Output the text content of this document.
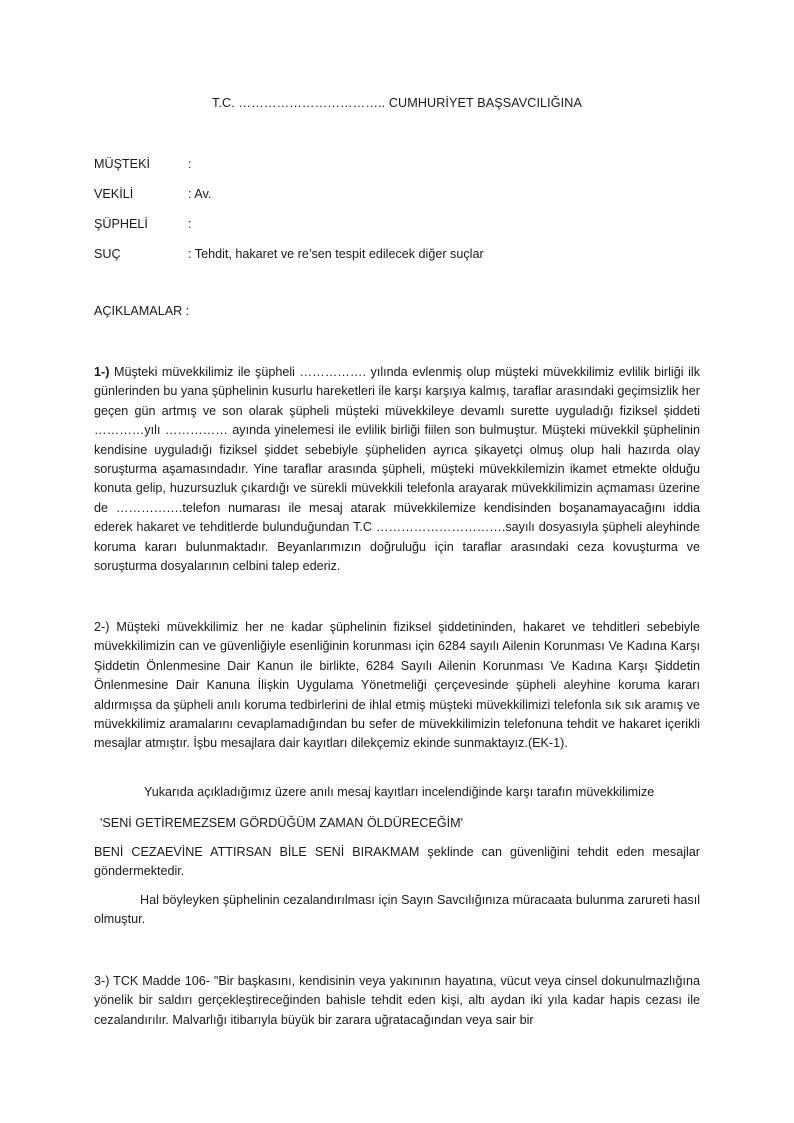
T.C. …………………………….. CUMHURİYET BAŞSAVCILIĞINA
MÜŞTEKİ	:
VEKİLİ	: Av.
ŞÜPHELİ	:
SUÇ	: Tehdit, hakaret ve re’sen tespit edilecek diğer suçlar
AÇIKLAMALAR :

1-) Müşteki müvekkilimiz ile şüpheli ……………. yılında evlenmiş olup müşteki müvekkilimiz evlilik birliği ilk günlerinden bu yana şüphelinin kusurlu hareketleri ile karşı karşıya kalmış, taraflar arasındaki geçimsizlik her geçen gün artmış ve son olarak şüpheli müşteki müvekkileye devamlı surette uyguladığı fiziksel şiddeti …………yılı …………… ayında yinelemesi ile evlilik birliği fiilen son bulmuştur. Müşteki müvekkil şüphelinin kendisine uyguladığı fiziksel şiddet sebebiyle şüpheliden ayrıca şikayetçi olmuş olup hali hazırda olay soruşturma aşamasındadır. Yine taraflar arasında şüpheli, müşteki müvekkilemizin ikamet etmekte olduğu konuta gelip, huzursuzluk çıkardığı ve sürekli müvekkili telefonla arayarak müvekkilimizin açmaması üzerine de …………….telefon numarası ile mesaj atarak müvekkilemize kendisinden boşanamayacağını iddia ederek hakaret ve tehditlerde bulunduğundan T.C ………………………….sayılı dosyasıyla şüpheli aleyhinde koruma kararı bulunmaktadır. Beyanlarımızın doğruluğu için taraflar arasındaki ceza kovuşturma ve soruşturma dosyalarının celbini talep ederiz.

2-) Müşteki müvekkilimiz her ne kadar şüphelinin fiziksel şiddetininden, hakaret ve tehditleri sebebiyle müvekkilimizin can ve güvenliğiyle esenliğinin korunması için 6284 sayılı Ailenin Korunması Ve Kadına Karşı Şiddetin Önlenmesine Dair Kanun ile birlikte, 6284 Sayılı Ailenin Korunması Ve Kadına Karşı Şiddetin Önlenmesine Dair Kanuna İlişkin Uygulama Yönetmeliği çerçevesinde şüpheli aleyhine koruma kararı aldırmışsa da şüpheli anılı koruma tedbirlerini de ihlal etmiş müşteki müvekkilimizi telefonla sık sık aramış ve müvekkilimiz aramalarını cevaplamadığından bu sefer de müvekkilimizin telefonuna tehdit ve hakaret içerikli mesajlar atmıştır. İşbu mesajlara dair kayıtları dilekçemiz ekinde sunmaktayız.(EK-1).

Yukarıda açıkladığımız üzere anılı mesaj kayıtları incelendiğinde karşı tarafın müvekkilimize
'SENİ GETİREMEZSEM GÖRDÜĞÜM ZAMAN ÖLDÜRECEĞİM'

BENİ CEZAEVİNE ATTIRSAN BİLE SENİ BIRAKMAM şeklinde can güvenliğini tehdit eden mesajlar göndermektedir.

Hal böyleyken şüphelinin cezalandırılması için Sayın Savcılığınıza müracaata bulunma zarureti hasıl olmuştur.

3-) TCK Madde 106- "Bir başkasını, kendisinin veya yakınının hayatına, vücut veya cinsel dokunulmazlığına yönelik bir saldırı gerçekleştireceğinden bahisle tehdit eden kişi, altı aydan iki yıla kadar hapis cezası ile cezalandırılır. Malvarlığı itibarıyla büyük bir zarara uğratacağından veya sair bir
